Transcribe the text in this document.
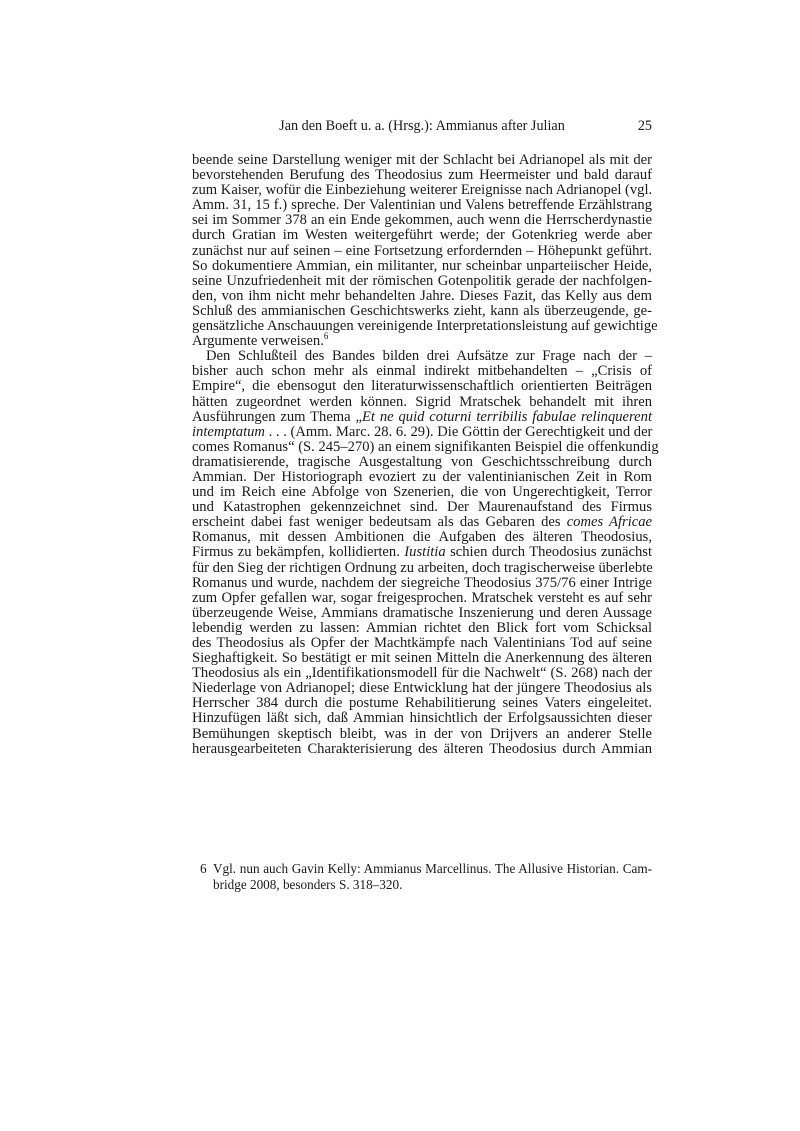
Jan den Boeft u. a. (Hrsg.): Ammianus after Julian	25
beende seine Darstellung weniger mit der Schlacht bei Adrianopel als mit der
bevorstehenden Berufung des Theodosius zum Heermeister und bald darauf
zum Kaiser, wofür die Einbeziehung weiterer Ereignisse nach Adrianopel (vgl.
Amm. 31, 15 f.) spreche. Der Valentinian und Valens betreffende Erzählstrang
sei im Sommer 378 an ein Ende gekommen, auch wenn die Herrscherdynastie
durch Gratian im Westen weitergeführt werde; der Gotenkrieg werde aber
zunächst nur auf seinen – eine Fortsetzung erfordernden – Höhepunkt geführt.
So dokumentiere Ammian, ein militanter, nur scheinbar unparteiischer Heide,
seine Unzufriedenheit mit der römischen Gotenpolitik gerade der nachfolgen-
den, von ihm nicht mehr behandelten Jahre. Dieses Fazit, das Kelly aus dem
Schluß des ammianischen Geschichtswerks zieht, kann als überzeugende, ge-
gensätzliche Anschauungen vereinigende Interpretationsleistung auf gewichtige
Argumente verweisen.$^6$
Den Schlußteil des Bandes bilden drei Aufsätze zur Frage nach der –
bisher auch schon mehr als einmal indirekt mitbehandelten – „Crisis of
Empire“, die ebensogut den literaturwissenschaftlich orientierten Beiträgen
hätten zugeordnet werden können. Sigrid Mratschek behandelt mit ihren
Ausführungen zum Thema „Et ne quid coturni terribilis fabulae relinquerent
intemptatum . . . (Amm. Marc. 28. 6. 29). Die Göttin der Gerechtigkeit und der
comes Romanus“ (S. 245–270) an einem signifikanten Beispiel die offenkundig
dramatisierende, tragische Ausgestaltung von Geschichtsschreibung durch
Ammian. Der Historiograph evoziert zu der valentinianischen Zeit in Rom
und im Reich eine Abfolge von Szenerien, die von Ungerechtigkeit, Terror
und Katastrophen gekennzeichnet sind. Der Maurenaufstand des Firmus
erscheint dabei fast weniger bedeutsam als das Gebaren des comes Africae
Romanus, mit dessen Ambitionen die Aufgaben des älteren Theodosius,
Firmus zu bekämpfen, kollidierten. Iustitia schien durch Theodosius zunächst
für den Sieg der richtigen Ordnung zu arbeiten, doch tragischerweise überlebte
Romanus und wurde, nachdem der siegreiche Theodosius 375/76 einer Intrige
zum Opfer gefallen war, sogar freigesprochen. Mratschek versteht es auf sehr
überzeugende Weise, Ammians dramatische Inszenierung und deren Aussage
lebendig werden zu lassen: Ammian richtet den Blick fort vom Schicksal
des Theodosius als Opfer der Machtkämpfe nach Valentinians Tod auf seine
Sieghaftigkeit. So bestätigt er mit seinen Mitteln die Anerkennung des älteren
Theodosius als ein „Identifikationsmodell für die Nachwelt“ (S. 268) nach der
Niederlage von Adrianopel; diese Entwicklung hat der jüngere Theodosius als
Herrscher 384 durch die postume Rehabilitierung seines Vaters eingeleitet.
Hinzufügen läßt sich, daß Ammian hinsichtlich der Erfolgsaussichten dieser
Bemühungen skeptisch bleibt, was in der von Drijvers an anderer Stelle
herausgearbeiteten Charakterisierung des älteren Theodosius durch Ammian
6 Vgl. nun auch Gavin Kelly: Ammianus Marcellinus. The Allusive Historian. Cam-
bridge 2008, besonders S. 318–320.
